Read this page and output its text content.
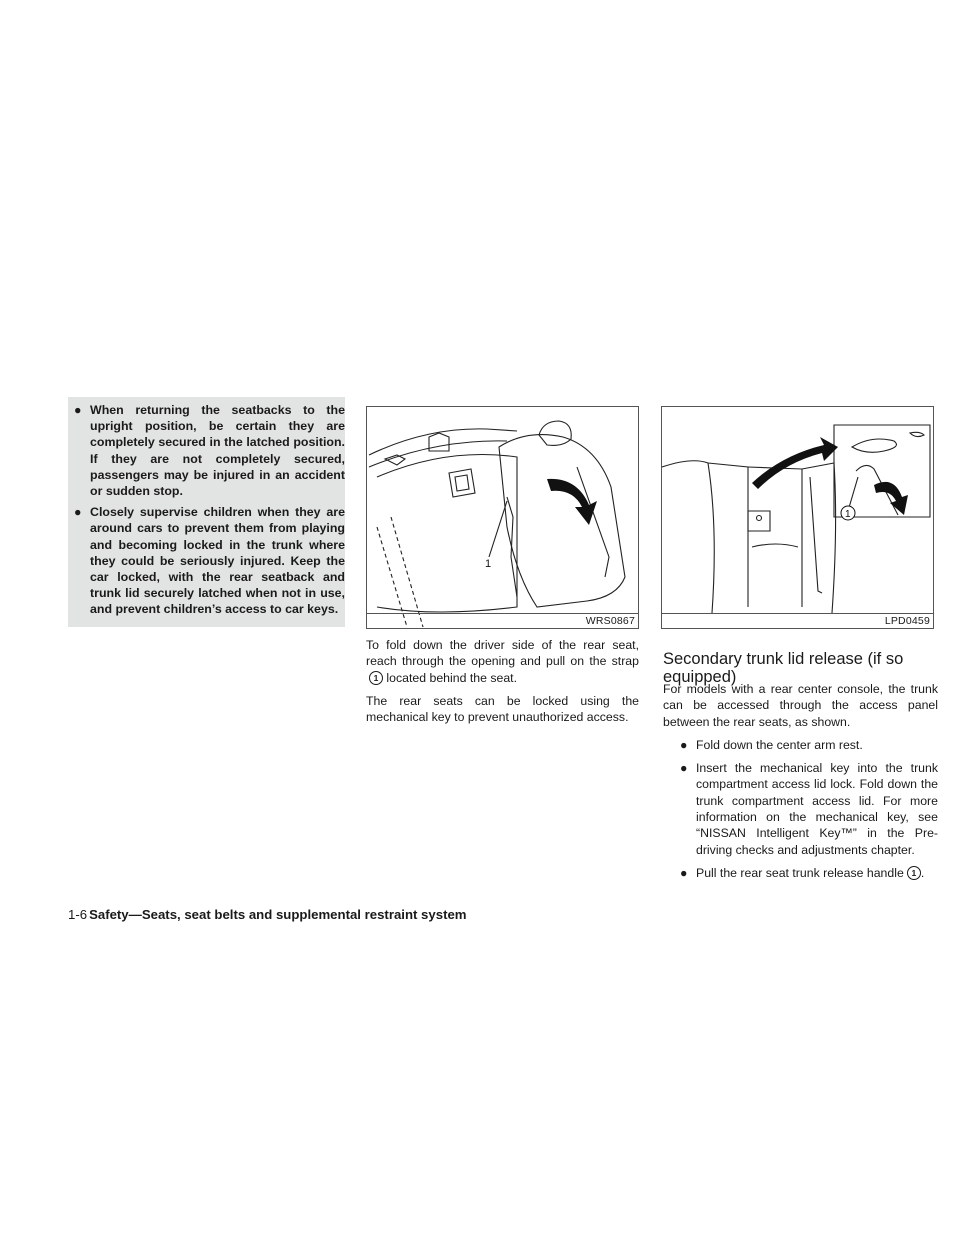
● When returning the seatbacks to the upright position, be certain they are completely secured in the latched position. If they are not completely secured, passengers may be injured in an accident or sudden stop.
● Closely supervise children when they are around cars to prevent them from playing and becoming locked in the trunk where they could be seriously injured. Keep the car locked, with the rear seatback and trunk lid securely latched when not in use, and prevent children’s access to car keys.
1
WRS0867
1
LPD0459

To fold down the driver side of the rear seat, reach through the opening and pull on the strap1 located behind the seat.

The rear seats can be locked using the mechanical key to prevent unauthorized access.

Secondary trunk lid release (if so equipped)

For models with a rear center console, the trunk can be accessed through the access panel between the rear seats, as shown.

● Fold down the center arm rest.
● Insert the mechanical key into the trunk compartment access lid lock. Fold down the trunk compartment access lid. For more information on the mechanical key, see “NISSAN Intelligent Key™” in the Pre-driving checks and adjustments chapter.
● Pull the rear seat trunk release handle 1 .
1-6 Safety—Seats, seat belts and supplemental restraint system
